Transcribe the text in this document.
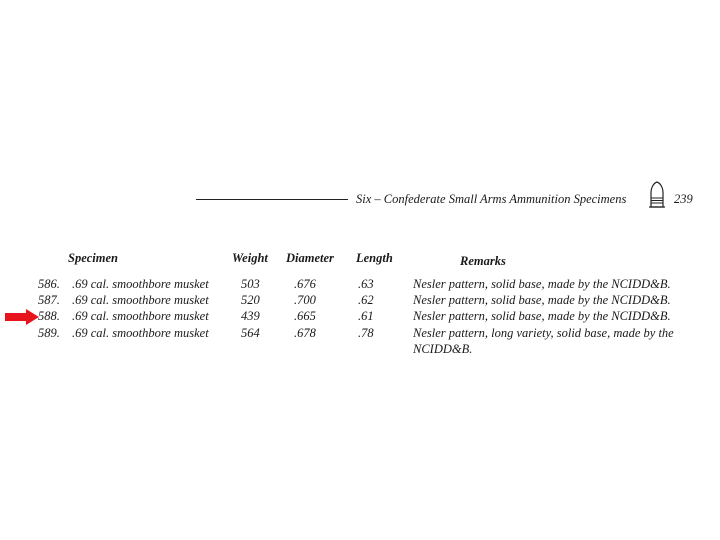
Six – Confederate Small Arms Ammunition Specimens	239
Specimen	Weight Diameter Length	Remarks
586. .69 cal. smoothbore musket	503	.676	.63	Nesler pattern, solid base, made by the NCIDD&B.
587. .69 cal. smoothbore musket	520	.700	.62	Nesler pattern, solid base, made by the NCIDD&B.
588. .69 cal. smoothbore musket	439	.665	.61	Nesler pattern, solid base, made by the NCIDD&B.
589. .69 cal. smoothbore musket	564	.678	.78	Nesler pattern, long variety, solid base, made by the
NCIDD&B.
